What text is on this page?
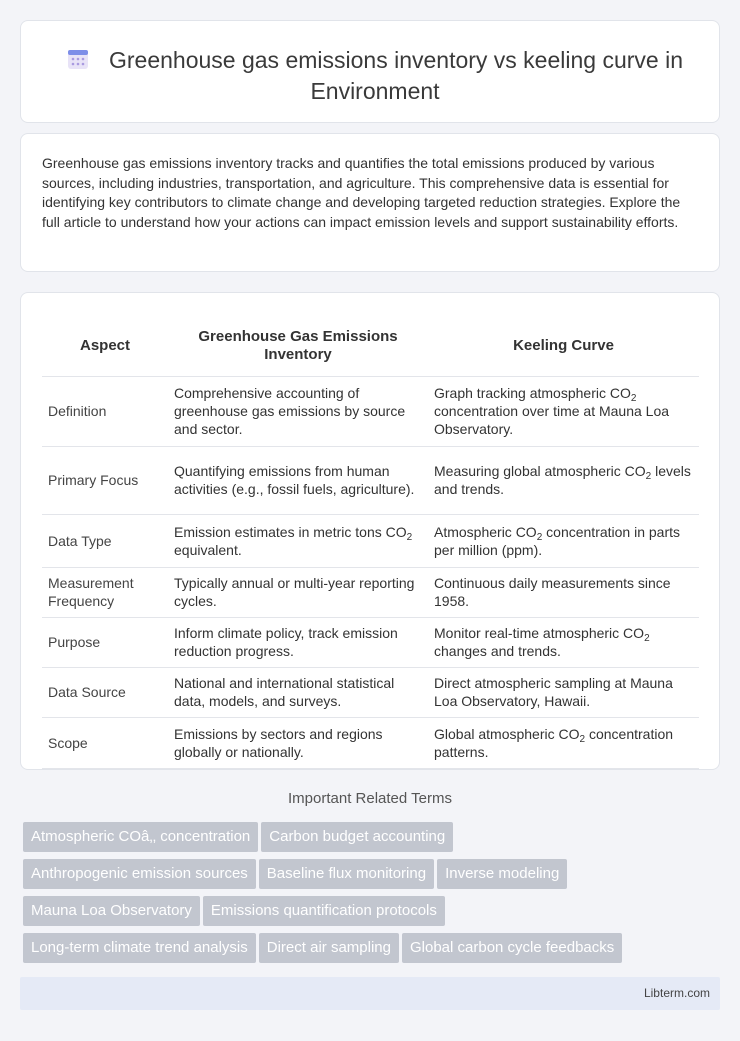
Greenhouse gas emissions inventory vs keeling curve in Environment

Greenhouse gas emissions inventory tracks and quantifies the total emissions produced by various sources, including industries, transportation, and agriculture. This comprehensive data is essential for identifying key contributors to climate change and developing targeted reduction strategies. Explore the full article to understand how your actions can impact emission levels and support sustainability efforts.

Aspect	Greenhouse Gas Emissions Inventory	Keeling Curve
Definition	Comprehensive accounting of greenhouse gas emissions by source and sector.	Graph tracking atmospheric $CO_2$ concentration over time at Mauna Loa Observatory.
Primary Focus	Quantifying emissions from human activities (e.g., fossil fuels, agriculture).	Measuring global atmospheric $CO_2$ levels and trends.
Data Type	Emission estimates in metric tons $CO_2$ equivalent.	Atmospheric $CO_2$ concentration in parts per million (ppm).
Measurement Frequency	Typically annual or multi-year reporting cycles.	Continuous daily measurements since 1958.
Purpose	Inform climate policy, track emission reduction progress.	Monitor real-time atmospheric $CO_2$ changes and trends.
Data Source	National and international statistical data, models, and surveys.	Direct atmospheric sampling at Mauna Loa Observatory, Hawaii.
Scope	Emissions by sectors and regions globally or nationally.	Global atmospheric $CO_2$ concentration patterns.
Important Related Terms
Atmospheric COâ‚‚ concentration Carbon budget accounting
Anthropogenic emission sources Baseline flux monitoring Inverse modeling
Mauna Loa Observatory Emissions quantification protocols
Long-term climate trend analysis Direct air sampling Global carbon cycle feedbacks
Libterm.com
